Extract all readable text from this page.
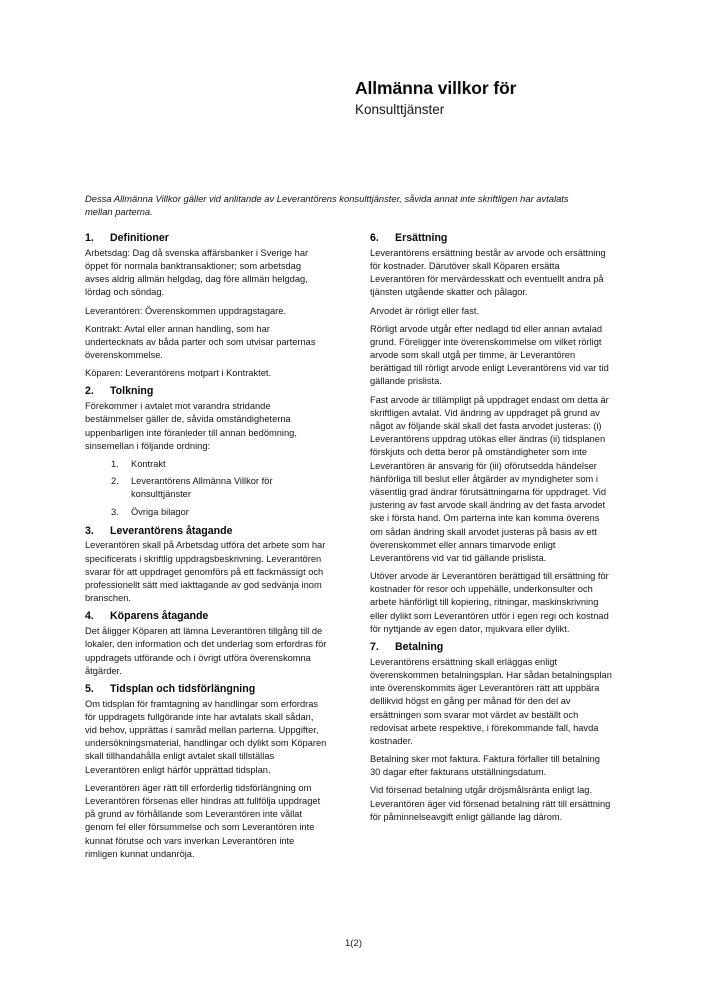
Allmänna villkor för
Konsulttjänster
Dessa Allmänna Villkor gäller vid anlitande av Leverantörens konsulttjänster, såvida annat inte skriftligen har avtalats mellan parterna.
1.	Definitioner

Arbetsdag: Dag då svenska affärsbanker i Sverige har öppet för normala banktransaktioner; som arbetsdag avses aldrig allmän helgdag, dag före allmän helgdag, lördag och söndag.

Leverantören: Överenskommen uppdragstagare.

Kontrakt: Avtal eller annan handling, som har undertecknats av båda parter och som utvisar parternas överenskommelse.

Köparen: Leverantörens motpart i Kontraktet.

2.	Tolkning

Förekommer i avtalet mot varandra stridande bestämmelser gäller de, såvida omständigheterna uppenbarligen inte föranleder till annan bedömning, sinsemellan i följande ordning:

1.	Kontrakt
2.	Leverantörens Allmänna Villkor för konsulttjänster
3.	Övriga bilagor
3.	Leverantörens åtagande

Leverantören skall på Arbetsdag utföra det arbete som har specificerats i skriftlig uppdragsbeskrivning. Leverantören svarar för att uppdraget genomförs på ett fackmässigt och professionellt sätt med iakttagande av god sedvänja inom branschen.

4.	Köparens åtagande

Det åligger Köparen att lämna Leverantören tillgång till de lokaler, den information och det underlag som erfordras för uppdragets utförande och i övrigt utföra överenskomna åtgärder.

5.	Tidsplan och tidsförlängning

Om tidsplan för framtagning av handlingar som erfordras för uppdragets fullgörande inte har avtalats skall sådan, vid behov, upprättas i samråd mellan parterna. Uppgifter, undersökningsmaterial, handlingar och dylikt som Köparen skall tillhandahålla enligt avtalet skall tillställas Leverantören enligt härför upprättad tidsplan.

Leverantören äger rätt till erforderlig tidsförlängning om Leverantören försenas eller hindras att fullfölja uppdraget på grund av förhållande som Leverantören inte vållat genom fel eller försummelse och som Leverantören inte kunnat förutse och vars inverkan Leverantören inte rimligen kunnat undanröja.

6.	Ersättning

Leverantörens ersättning består av arvode och ersättning för kostnader. Därutöver skall Köparen ersätta Leverantören för mervärdesskatt och eventuellt andra på tjänsten utgående skatter och pålagor.

Arvodet är rörligt eller fast.

Rörligt arvode utgår efter nedlagd tid eller annan avtalad grund. Föreligger inte överenskommelse om vilket rörligt arvode som skall utgå per timme, är Leverantören berättigad till rörligt arvode enligt Leverantörens vid var tid gällande prislista.

Fast arvode är tillämpligt på uppdraget endast om detta är skriftligen avtalat. Vid ändring av uppdraget på grund av något av följande skäl skall det fasta arvodet justeras: (i) Leverantörens uppdrag utökas eller ändras (ii) tidsplanen förskjuts och detta beror på omständigheter som inte Leverantören är ansvarig för (iii) oförutsedda händelser hänförliga till beslut eller åtgärder av myndigheter som i väsentlig grad ändrar förutsättningarna för uppdraget. Vid justering av fast arvode skall ändring av det fasta arvodet ske i första hand. Om parterna inte kan komma överens om sådan ändring skall arvodet justeras på basis av ett överenskommet eller annars timarvode enligt Leverantörens vid var tid gällande prislista.

Utöver arvode är Leverantören berättigad till ersättning för kostnader för resor och uppehälle, underkonsulter och arbete hänförligt till kopiering, ritningar, maskinskrivning eller dylikt som Leverantören utför i egen regi och kostnad för nyttjande av egen dator, mjukvara eller dylikt.

7.	Betalning

Leverantörens ersättning skall erläggas enligt överenskommen betalningsplan. Har sådan betalningsplan inte överenskommits äger Leverantören rätt att uppbära dellikvid högst en gång per månad för den del av ersättningen som svarar mot värdet av beställt och redovisat arbete respektive, i förekommande fall, havda kostnader.

Betalning sker mot faktura. Faktura förfaller till betalning 30 dagar efter fakturans utställningsdatum.

Vid försenad betalning utgår dröjsmålsränta enligt lag. Leverantören äger vid försenad betalning rätt till ersättning för påminnelseavgift enligt gällande lag därom.

1(2)
